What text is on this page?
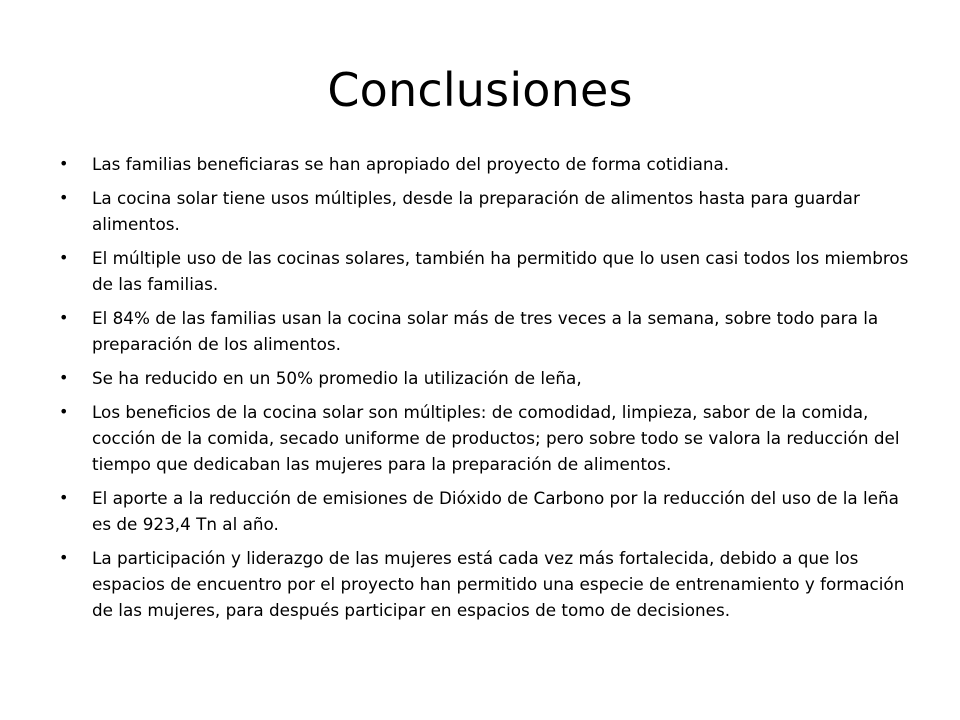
Conclusiones
• Las familias beneficiaras se han apropiado del proyecto de forma cotidiana.
• La cocina solar tiene usos múltiples, desde la preparación de alimentos hasta para guardar alimentos.
• El múltiple uso de las cocinas solares, también ha permitido que lo usen casi todos los miembros de las familias.
• El 84% de las familias usan la cocina solar más de tres veces a la semana, sobre todo para la preparación de los alimentos.
• Se ha reducido en un 50% promedio la utilización de leña,
• Los beneficios de la cocina solar son múltiples: de comodidad, limpieza, sabor de la comida, cocción de la comida, secado uniforme de productos; pero sobre todo se valora la reducción del tiempo que dedicaban las mujeres para la preparación de alimentos.
• El aporte a la reducción de emisiones de Dióxido de Carbono por la reducción del uso de la leña es de 923,4 Tn al año.
• La participación y liderazgo de las mujeres está cada vez más fortalecida, debido a que los espacios de encuentro por el proyecto han permitido una especie de entrenamiento y formación de las mujeres, para después participar en espacios de tomo de decisiones.
